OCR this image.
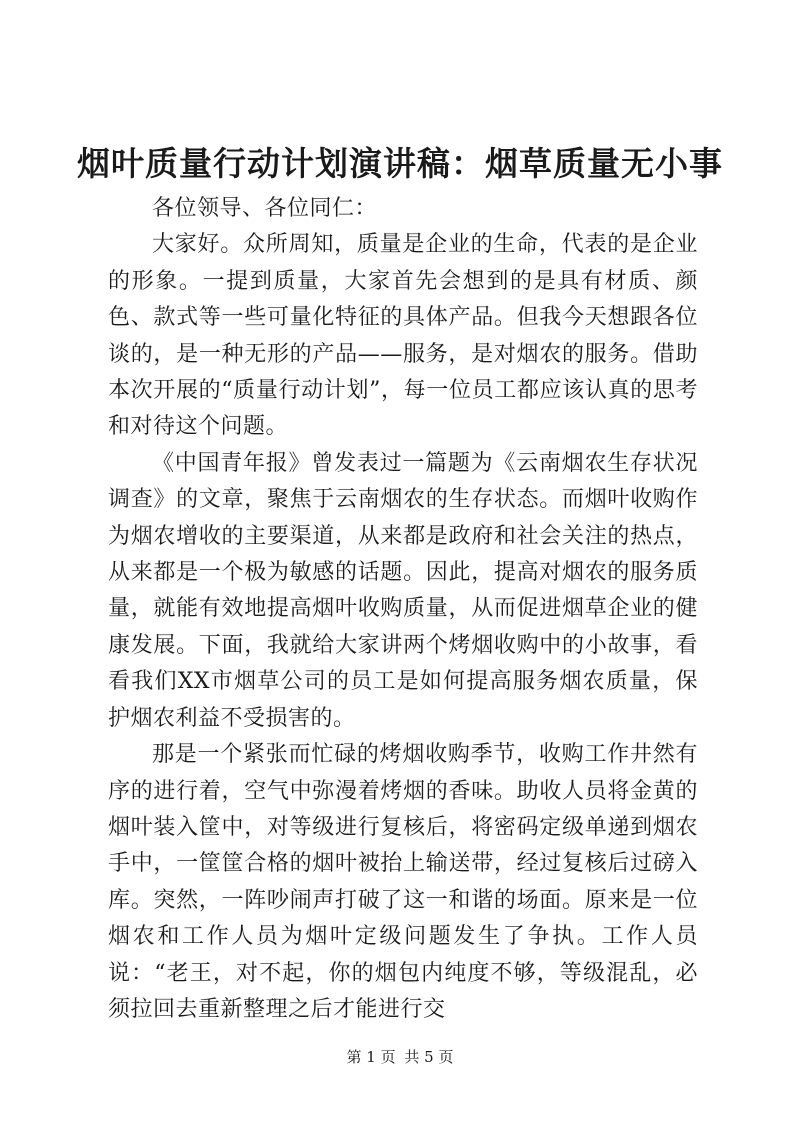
烟叶质量行动计划演讲稿：烟草质量无小事

各位领导、各位同仁：

大家好。众所周知，质量是企业的生命，代表的是企业的形象。一提到质量，大家首先会想到的是具有材质、颜色、款式等一些可量化特征的具体产品。但我今天想跟各位谈的，是一种无形的产品——服务，是对烟农的服务。借助本次开展的“质量行动计划”，每一位员工都应该认真的思考和对待这个问题。

《中国青年报》曾发表过一篇题为《云南烟农生存状况调查》的文章，聚焦于云南烟农的生存状态。而烟叶收购作为烟农增收的主要渠道，从来都是政府和社会关注的热点，从来都是一个极为敏感的话题。因此，提高对烟农的服务质量，就能有效地提高烟叶收购质量，从而促进烟草企业的健康发展。下面，我就给大家讲两个烤烟收购中的小故事，看看我们XX市烟草公司的员工是如何提高服务烟农质量，保护烟农利益不受损害的。

那是一个紧张而忙碌的烤烟收购季节，收购工作井然有序的进行着，空气中弥漫着烤烟的香味。助收人员将金黄的烟叶装入筐中，对等级进行复核后，将密码定级单递到烟农手中，一筐筐合格的烟叶被抬上输送带，经过复核后过磅入库。突然，一阵吵闹声打破了这一和谐的场面。原来是一位烟农和工作人员为烟叶定级问题发生了争执。工作人员说：“老王，对不起，你的烟包内纯度不够，等级混乱，必须拉回去重新整理之后才能进行交

第 1 页 共 5 页
